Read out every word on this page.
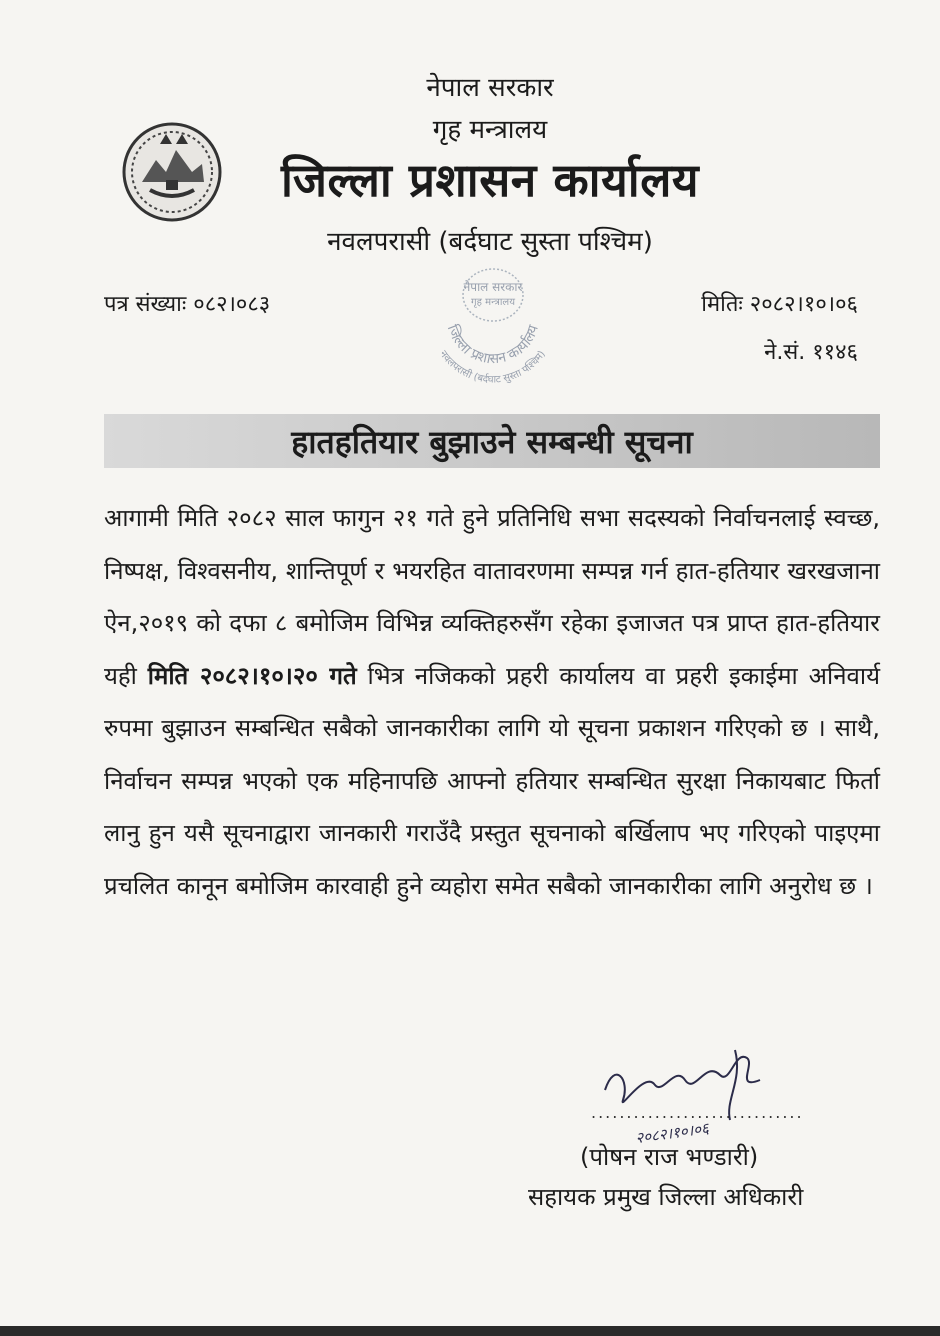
नेपाल सरकार
गृह मन्त्रालय
जिल्ला प्रशासन कार्यालय
नवलपरासी (बर्दघाट सुस्ता पश्चिम)
पत्र संख्याः ०८२।०८३	मितिः २०८२।१०।०६
ने.सं. ११४६
नेपाल सरकार
गृह मन्त्रालय
जिल्ला प्रशासन कार्यालय
नवलपरासी (बर्दघाट सुस्ता पश्चिम)
हातहतियार बुझाउने सम्बन्धी सूचना
आगामी मिति २०८२ साल फागुन २१ गते हुने प्रतिनिधि सभा सदस्यको निर्वाचनलाई स्वच्छ, निष्पक्ष, विश्वसनीय, शान्तिपूर्ण र भयरहित वातावरणमा सम्पन्न गर्न हात-हतियार खरखजाना ऐन,२०१९ को दफा ८ बमोजिम विभिन्न व्यक्तिहरुसँग रहेका इजाजत पत्र प्राप्त हात-हतियार यही मिति २०८२।१०।२० गते भित्र नजिकको प्रहरी कार्यालय वा प्रहरी इकाईमा अनिवार्य रुपमा बुझाउन सम्बन्धित सबैको जानकारीका लागि यो सूचना प्रकाशन गरिएको छ । साथै, निर्वाचन सम्पन्न भएको एक महिनापछि आफ्नो हतियार सम्बन्धित सुरक्षा निकायबाट फिर्ता लानु हुन यसै सूचनाद्वारा जानकारी गराउँदै प्रस्तुत सूचनाको बर्खिलाप भए गरिएको पाइएमा प्रचलित कानून बमोजिम कारवाही हुने व्यहोरा समेत सबैको जानकारीका लागि अनुरोध छ ।
..............................
२०८२।१०।०६
(पोषन राज भण्डारी)
सहायक प्रमुख जिल्ला अधिकारी
